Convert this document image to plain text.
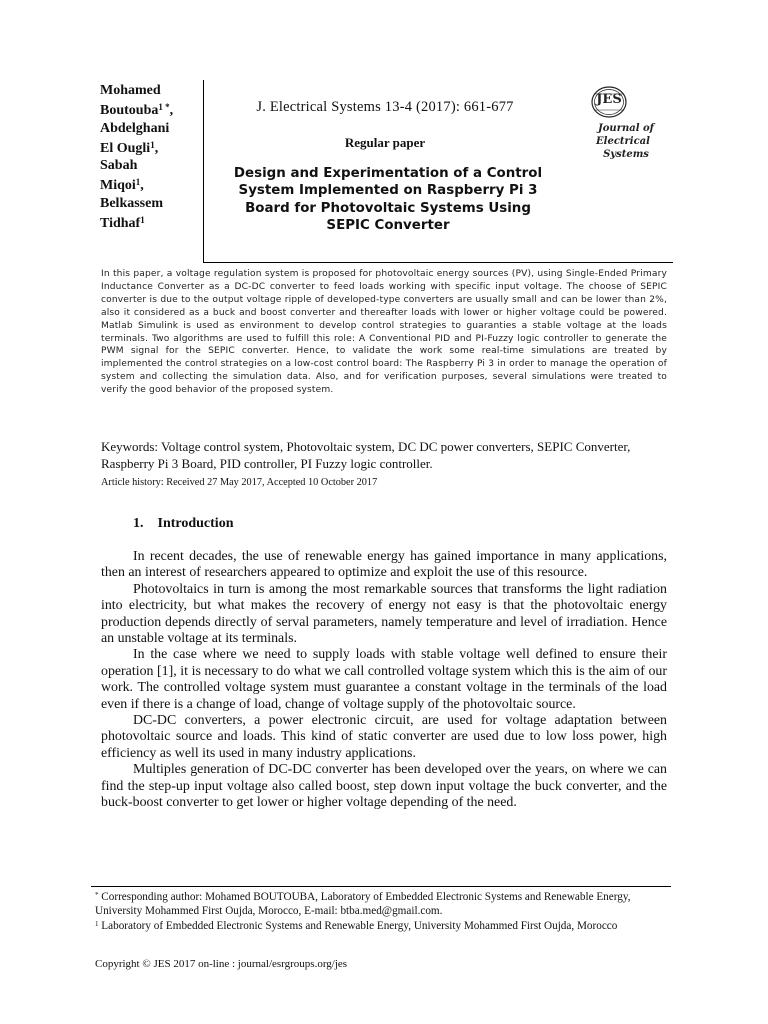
Mohamed
Boutouba$^{1 *}$,
Abdelghani
El Ougli$^1$,
Sabah
Miqoi$^1$,
Belkassem
Tidhaf$^1$
J. Electrical Systems 13-4 (2017): 661-677
Regular paper
Design and Experimentation of a Control
System Implemented on Raspberry Pi 3
Board for Photovoltaic Systems Using
SEPIC Converter
JES
Journal of
Electrical
Systems
In this paper, a voltage regulation system is proposed for photovoltaic energy sources (PV), using Single-Ended Primary Inductance Converter as a DC-DC converter to feed loads working with specific input voltage. The choose of SEPIC converter is due to the output voltage ripple of developed-type converters are usually small and can be lower than 2%, also it considered as a buck and boost converter and thereafter loads with lower or higher voltage could be powered. Matlab Simulink is used as environment to develop control strategies to guaranties a stable voltage at the loads terminals. Two algorithms are used to fulfill this role: A Conventional PID and PI-Fuzzy logic controller to generate the PWM signal for the SEPIC converter. Hence, to validate the work some real-time simulations are treated by implemented the control strategies on a low-cost control board: The Raspberry Pi 3 in order to manage the operation of system and collecting the simulation data. Also, and for verification purposes, several simulations were treated to verify the good behavior of the proposed system.
Keywords: Voltage control system, Photovoltaic system, DC DC power converters, SEPIC Converter, Raspberry Pi 3 Board, PID controller, PI Fuzzy logic controller.
Article history: Received 27 May 2017, Accepted 10 October 2017
1.    Introduction

In recent decades, the use of renewable energy has gained importance in many applications, then an interest of researchers appeared to optimize and exploit the use of this resource.

Photovoltaics in turn is among the most remarkable sources that transforms the light radiation into electricity, but what makes the recovery of energy not easy is that the photovoltaic energy production depends directly of serval parameters, namely temperature and level of irradiation. Hence an unstable voltage at its terminals.

In the case where we need to supply loads with stable voltage well defined to ensure their operation [1], it is necessary to do what we call controlled voltage system which this is the aim of our work. The controlled voltage system must guarantee a constant voltage in the terminals of the load even if there is a change of load, change of voltage supply of the photovoltaic source.

DC-DC converters, a power electronic circuit, are used for voltage adaptation between photovoltaic source and loads. This kind of static converter are used due to low loss power, high efficiency as well its used in many industry applications.

Multiples generation of DC-DC converter has been developed over the years, on where we can find the step-up input voltage also called boost, step down input voltage the buck converter, and the buck-boost converter to get lower or higher voltage depending of the need.

* Corresponding author: Mohamed BOUTOUBA, Laboratory of Embedded Electronic Systems and Renewable Energy, University Mohammed First Oujda, Morocco, E-mail: btba.med@gmail.com.

$^1$ Laboratory of Embedded Electronic Systems and Renewable Energy, University Mohammed First Oujda, Morocco

Copyright © JES 2017 on-line : journal/esrgroups.org/jes
